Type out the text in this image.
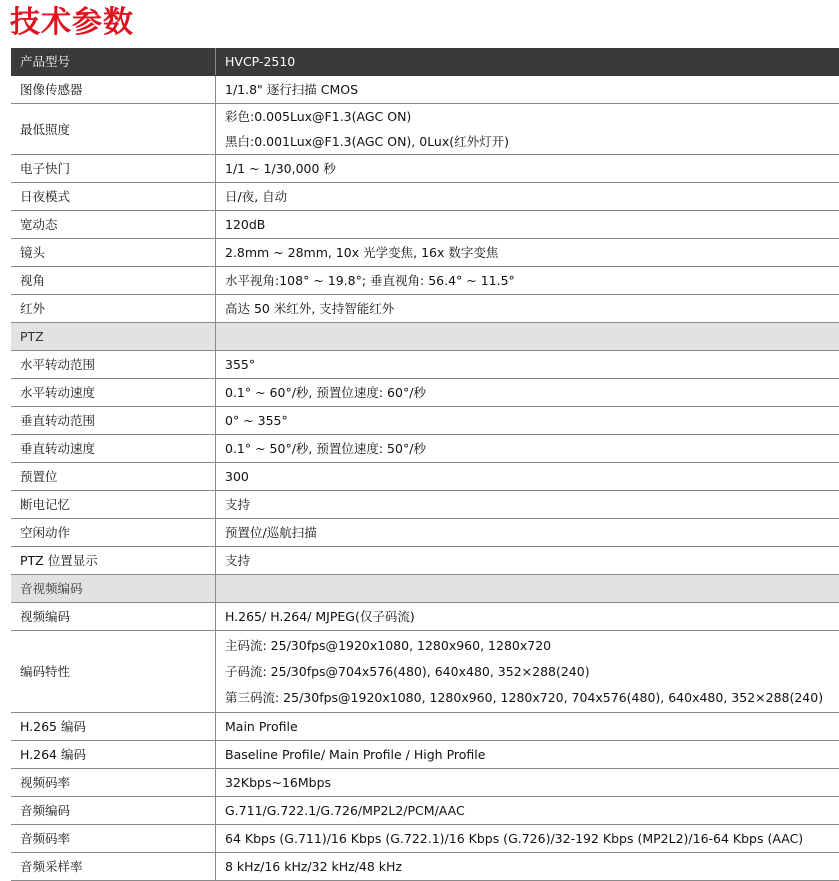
技术参数
产品型号	HVCP-2510
图像传感器	1/1.8" 逐行扫描 CMOS

最低照度	彩色:0.005Lux@F1.3(AGC ON)
黑白:0.001Lux@F1.3(AGC ON), 0Lux(红外灯开)

电子快门	1/1 ~ 1/30,000 秒

日夜模式	日/夜, 自动

宽动态	120dB

镜头	2.8mm ~ 28mm, 10x 光学变焦, 16x 数字变焦

视角	水平视角:108° ~ 19.8°; 垂直视角: 56.4° ~ 11.5°

红外	高达 50 米红外, 支持智能红外

PTZ	

水平转动范围	355°

水平转动速度	0.1° ~ 60°/秒, 预置位速度: 60°/秒

垂直转动范围	0° ~ 355°

垂直转动速度	0.1° ~ 50°/秒, 预置位速度: 50°/秒

预置位	300

断电记忆	支持

空闲动作	预置位/巡航扫描

PTZ 位置显示	支持

音视频编码	

视频编码	H.265/ H.264/ MJPEG(仅子码流)

编码特性	主码流: 25/30fps@1920x1080, 1280x960, 1280x720
子码流: 25/30fps@704x576(480), 640x480, 352×288(240)
第三码流: 25/30fps@1920x1080, 1280x960, 1280x720, 704x576(480), 640x480, 352×288(240)

H.265 编码	Main Profile

H.264 编码	Baseline Profile/ Main Profile / High Profile

视频码率	32Kbps~16Mbps

音频编码	G.711/G.722.1/G.726/MP2L2/PCM/AAC

音频码率	64 Kbps (G.711)/16 Kbps (G.722.1)/16 Kbps (G.726)/32-192 Kbps (MP2L2)/16-64 Kbps (AAC)

音频采样率	8 kHz/16 kHz/32 kHz/48 kHz
